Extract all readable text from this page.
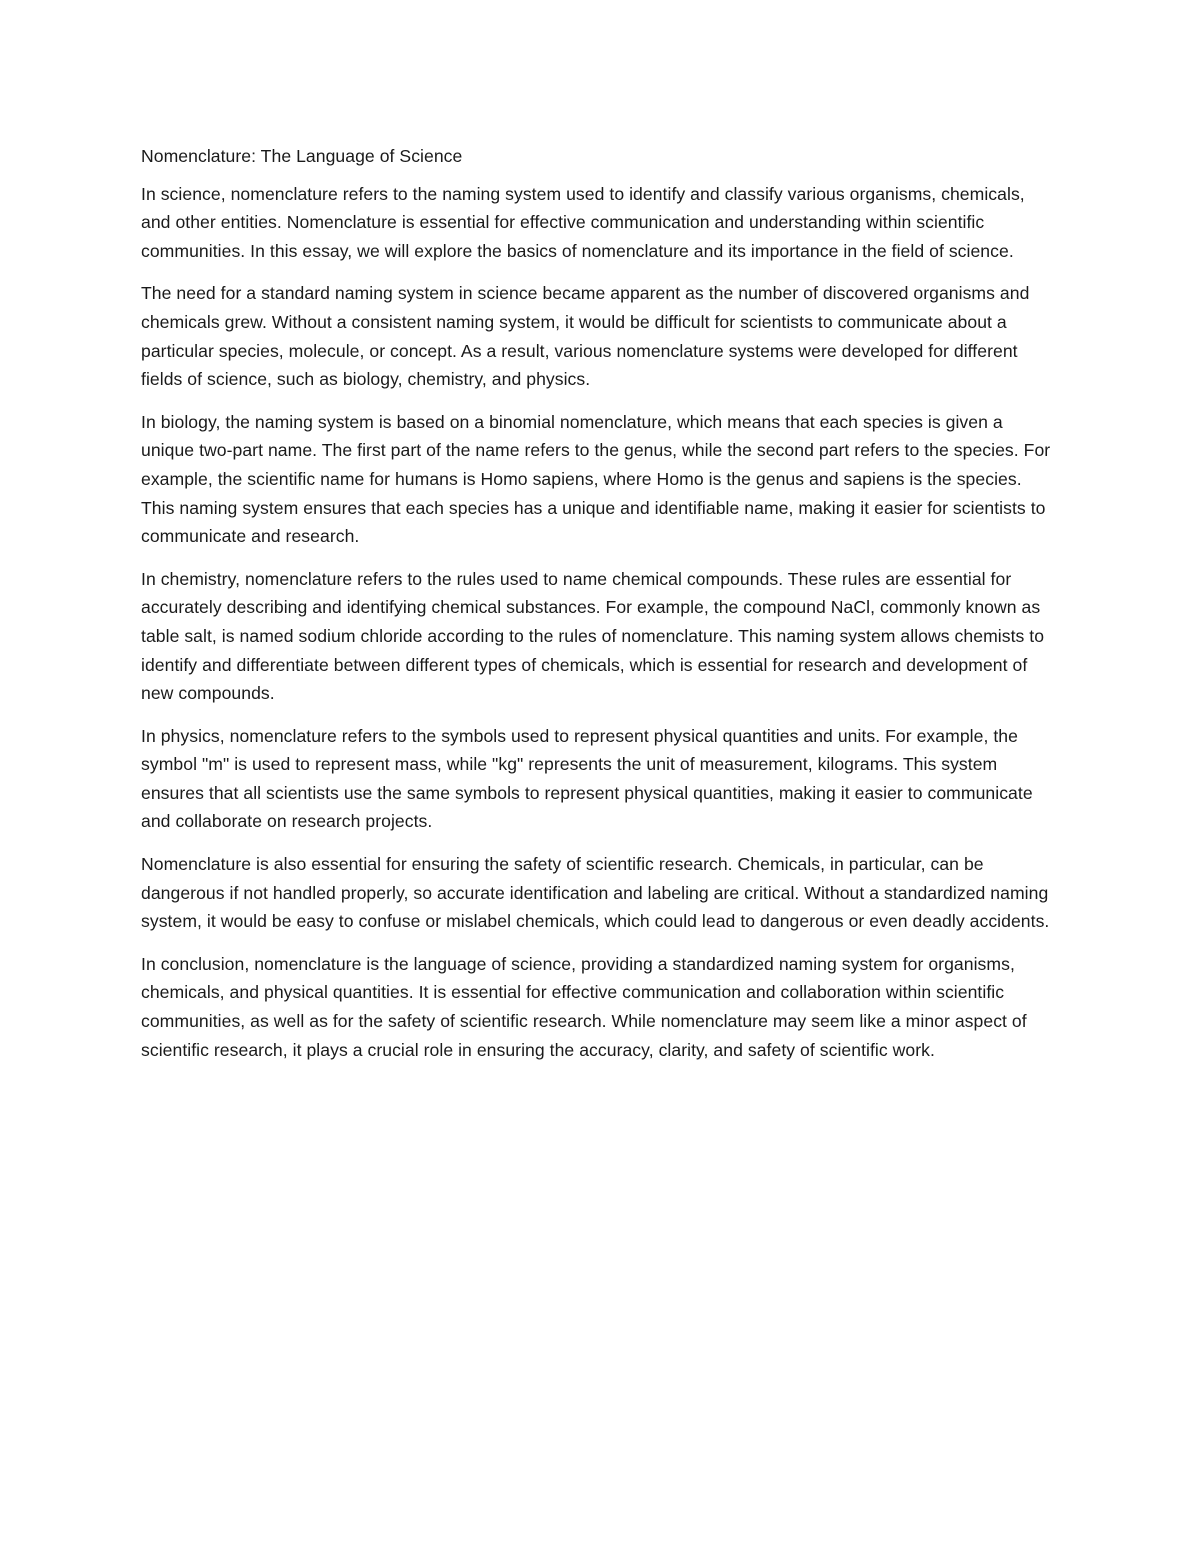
Nomenclature: The Language of Science

In science, nomenclature refers to the naming system used to identify and classify various organisms, chemicals, and other entities. Nomenclature is essential for effective communication and understanding within scientific communities. In this essay, we will explore the basics of nomenclature and its importance in the field of science.

The need for a standard naming system in science became apparent as the number of discovered organisms and chemicals grew. Without a consistent naming system, it would be difficult for scientists to communicate about a particular species, molecule, or concept. As a result, various nomenclature systems were developed for different fields of science, such as biology, chemistry, and physics.

In biology, the naming system is based on a binomial nomenclature, which means that each species is given a unique two-part name. The first part of the name refers to the genus, while the second part refers to the species. For example, the scientific name for humans is Homo sapiens, where Homo is the genus and sapiens is the species. This naming system ensures that each species has a unique and identifiable name, making it easier for scientists to communicate and research.

In chemistry, nomenclature refers to the rules used to name chemical compounds. These rules are essential for accurately describing and identifying chemical substances. For example, the compound NaCl, commonly known as table salt, is named sodium chloride according to the rules of nomenclature. This naming system allows chemists to identify and differentiate between different types of chemicals, which is essential for research and development of new compounds.

In physics, nomenclature refers to the symbols used to represent physical quantities and units. For example, the symbol "m" is used to represent mass, while "kg" represents the unit of measurement, kilograms. This system ensures that all scientists use the same symbols to represent physical quantities, making it easier to communicate and collaborate on research projects.

Nomenclature is also essential for ensuring the safety of scientific research. Chemicals, in particular, can be dangerous if not handled properly, so accurate identification and labeling are critical. Without a standardized naming system, it would be easy to confuse or mislabel chemicals, which could lead to dangerous or even deadly accidents.

In conclusion, nomenclature is the language of science, providing a standardized naming system for organisms, chemicals, and physical quantities. It is essential for effective communication and collaboration within scientific communities, as well as for the safety of scientific research. While nomenclature may seem like a minor aspect of scientific research, it plays a crucial role in ensuring the accuracy, clarity, and safety of scientific work.
